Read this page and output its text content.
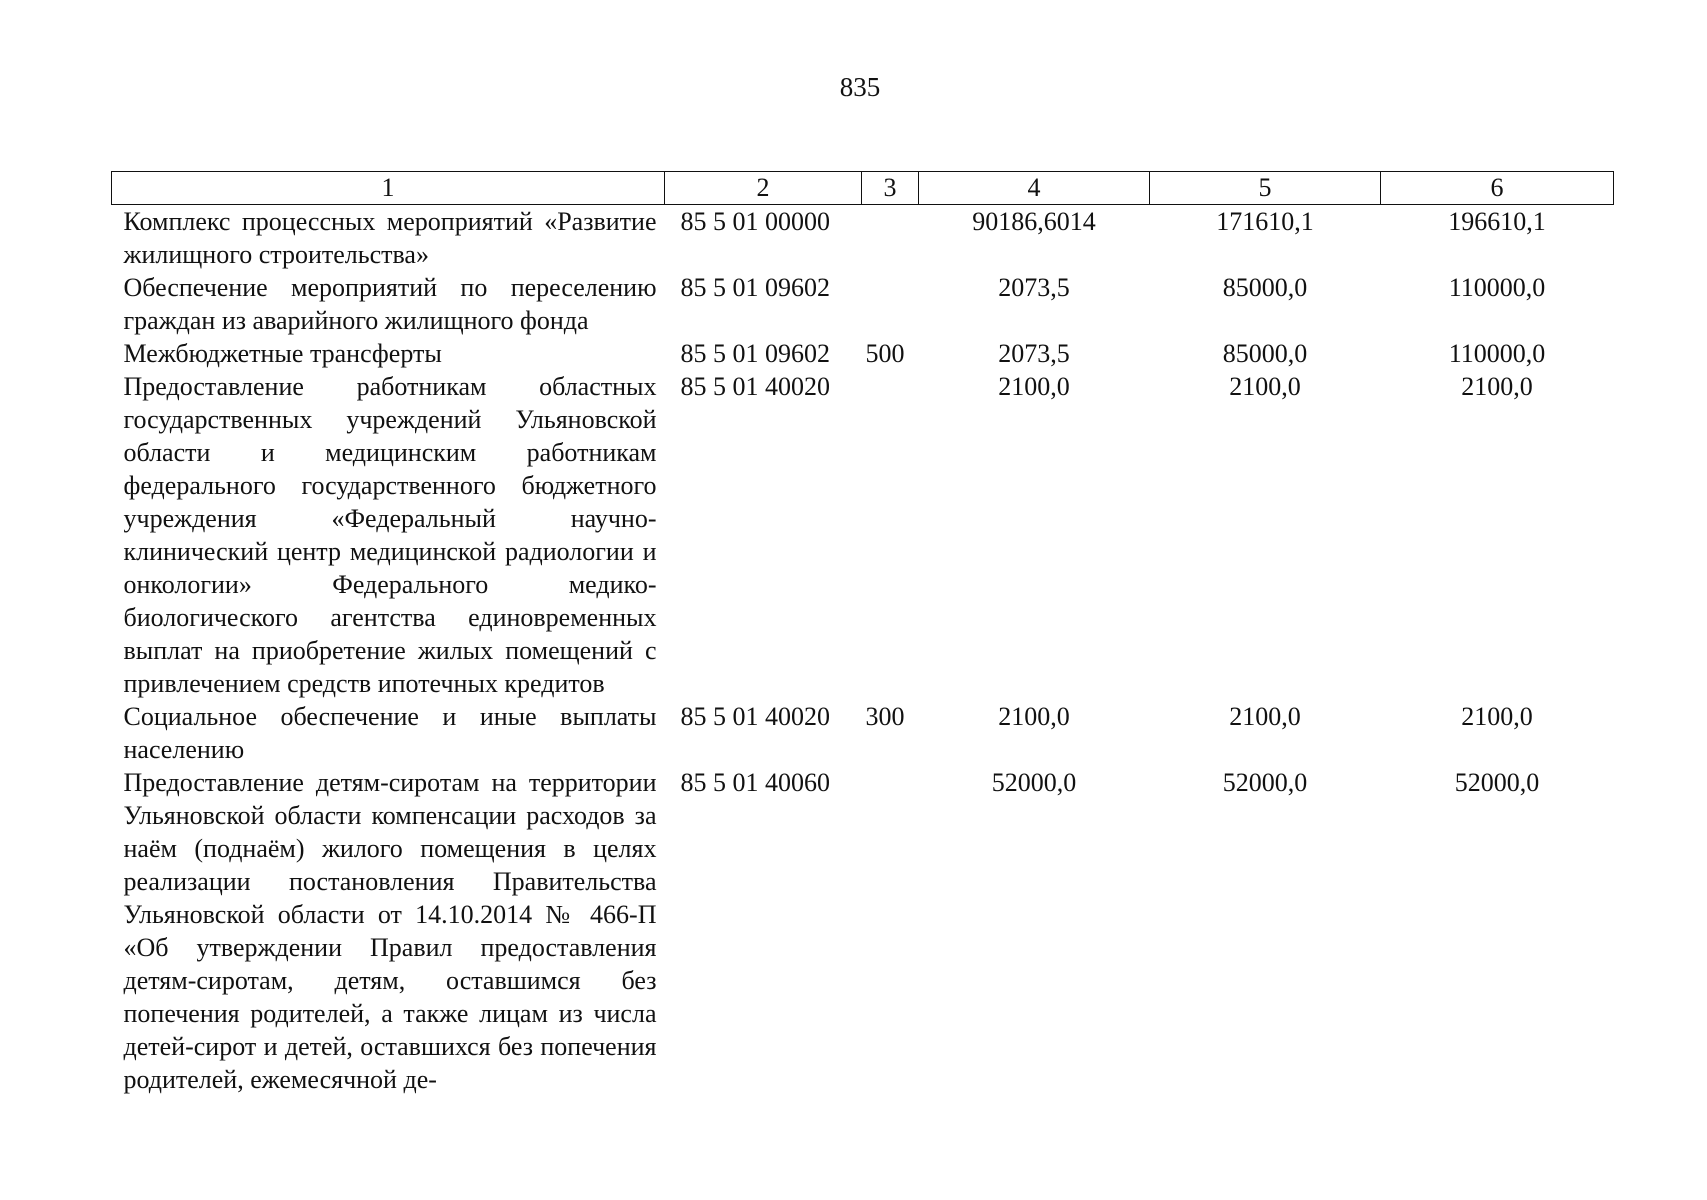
835
1	2	3	4	5	6
Комплекс процессных мероприятий «Развитие жилищного строительства»	85 5 01 00000		90186,6014	171610,1	196610,1
Обеспечение мероприятий по переселению граждан из аварийного жилищного фонда	85 5 01 09602		2073,5	85000,0	110000,0
Межбюджетные трансферты	85 5 01 09602	500	2073,5	85000,0	110000,0
Предоставление работникам областных государственных учреждений Ульяновской области и медицинским работникам федерального государственного бюджетного учреждения «Федеральный научно-клинический центр медицинской радиологии и онкологии» Федерального медико-биологического агентства единовременных выплат на приобретение жилых помещений с привлечением средств ипотечных кредитов	85 5 01 40020		2100,0	2100,0	2100,0
Социальное обеспечение и иные выплаты населению	85 5 01 40020	300	2100,0	2100,0	2100,0
Предоставление детям-сиротам на территории Ульяновской области компенсации расходов за наём (поднаём) жилого помещения в целях реализации постановления Правительства Ульяновской области от 14.10.2014 № 466-П «Об утверждении Правил предоставления детям-сиротам, детям, оставшимся без попечения родителей, а также лицам из числа детей-сирот и детей, оставшихся без попечения родителей, ежемесячной де-	85 5 01 40060		52000,0	52000,0	52000,0
